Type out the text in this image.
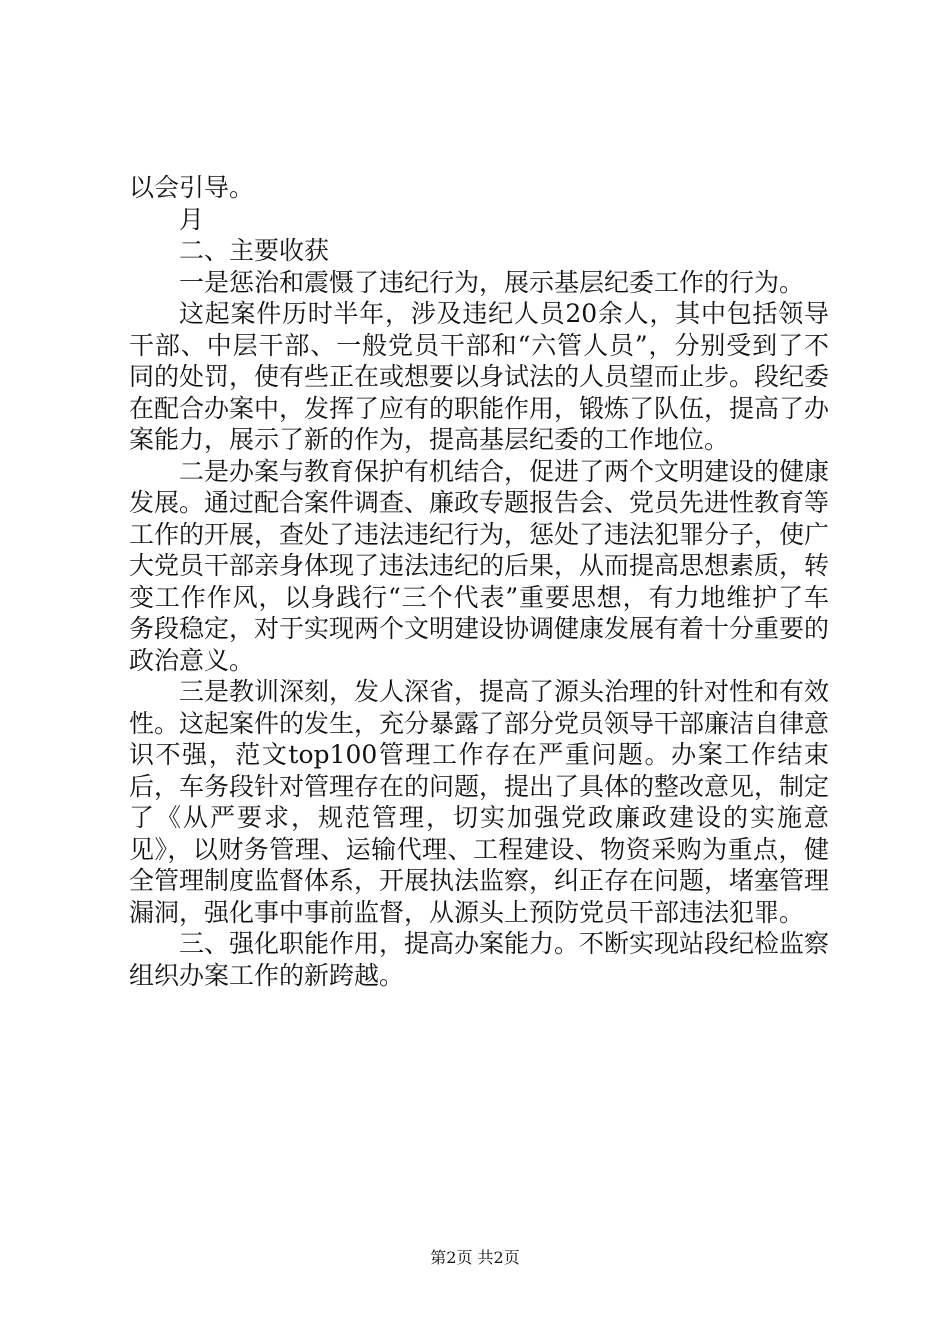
以会引导。

月

二、主要收获

一是惩治和震慑了违纪行为，展示基层纪委工作的行为。

这起案件历时半年，涉及违纪人员20余人，其中包括领导干部、中层干部、一般党员干部和“六管人员”，分别受到了不同的处罚，使有些正在或想要以身试法的人员望而止步。段纪委在配合办案中，发挥了应有的职能作用，锻炼了队伍，提高了办案能力，展示了新的作为，提高基层纪委的工作地位。

二是办案与教育保护有机结合，促进了两个文明建设的健康发展。通过配合案件调查、廉政专题报告会、党员先进性教育等工作的开展，查处了违法违纪行为，惩处了违法犯罪分子，使广大党员干部亲身体现了违法违纪的后果，从而提高思想素质，转变工作作风，以身践行“三个代表”重要思想，有力地维护了车务段稳定，对于实现两个文明建设协调健康发展有着十分重要的政治意义。

三是教训深刻，发人深省，提高了源头治理的针对性和有效性。这起案件的发生，充分暴露了部分党员领导干部廉洁自律意识不强，范文top100管理工作存在严重问题。办案工作结束后，车务段针对管理存在的问题，提出了具体的整改意见，制定了《从严要求，规范管理，切实加强党政廉政建设的实施意见》，以财务管理、运输代理、工程建设、物资采购为重点，健全管理制度监督体系，开展执法监察，纠正存在问题，堵塞管理漏洞，强化事中事前监督，从源头上预防党员干部违法犯罪。

三、强化职能作用，提高办案能力。不断实现站段纪检监察组织办案工作的新跨越。

第2页 共2页
